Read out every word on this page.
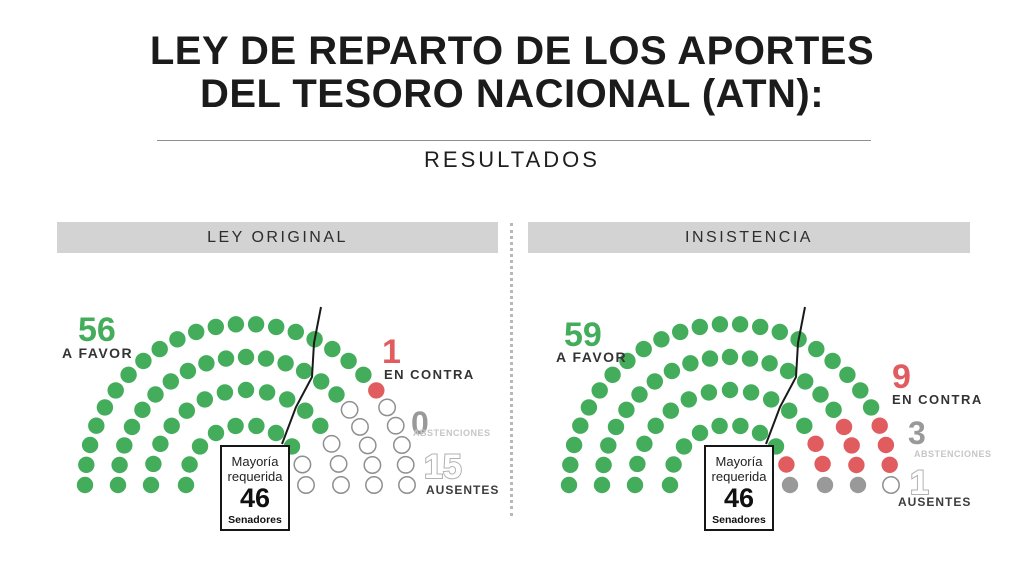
LEY DE REPARTO DE LOS APORTES
DEL TESORO NACIONAL (ATN):
RESULTADOS
LEY ORIGINAL	INSISTENCIA
56
A FAVOR	1
EN CONTRA
0
ABSTENCIONES
15
AUSENTES
Mayoría
requerida
46
Senadores
59
A FAVOR
9
EN CONTRA
3
ABSTENCIONES
1
AUSENTES
Mayoría
requerida
46
Senadores
